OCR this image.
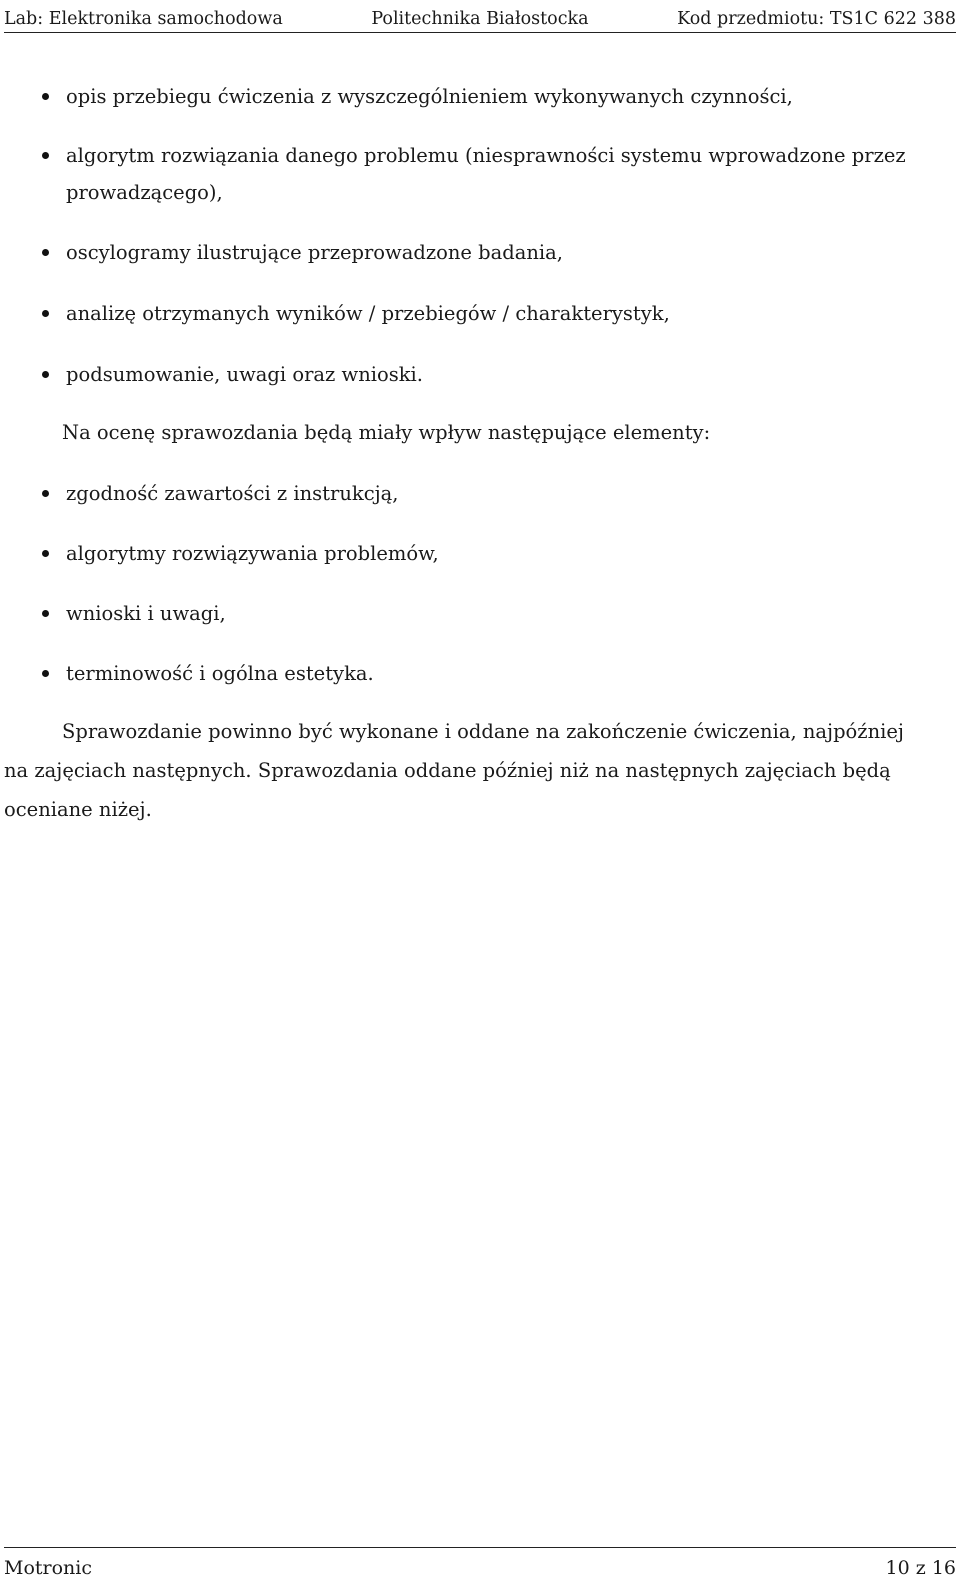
Lab: Elektronika samochodowa	Politechnika Białostocka	Kod przedmiotu: TS1C 622 388
opis przebiegu ćwiczenia z wyszczególnieniem wykonywanych czynności,
algorytm rozwiązania danego problemu (niesprawności systemu wprowadzone przez
prowadzącego),
oscylogramy ilustrujące przeprowadzone badania,
analizę otrzymanych wyników / przebiegów / charakterystyk,
podsumowanie, uwagi oraz wnioski.

Na ocenę sprawozdania będą miały wpływ następujące elementy:

zgodność zawartości z instrukcją,
algorytmy rozwiązywania problemów,
wnioski i uwagi,
terminowość i ogólna estetyka.

Sprawozdanie powinno być wykonane i oddane na zakończenie ćwiczenia, najpóźniej

na zajęciach następnych. Sprawozdania oddane później niż na następnych zajęciach będą

oceniane niżej.

Motronic	10 z 16
